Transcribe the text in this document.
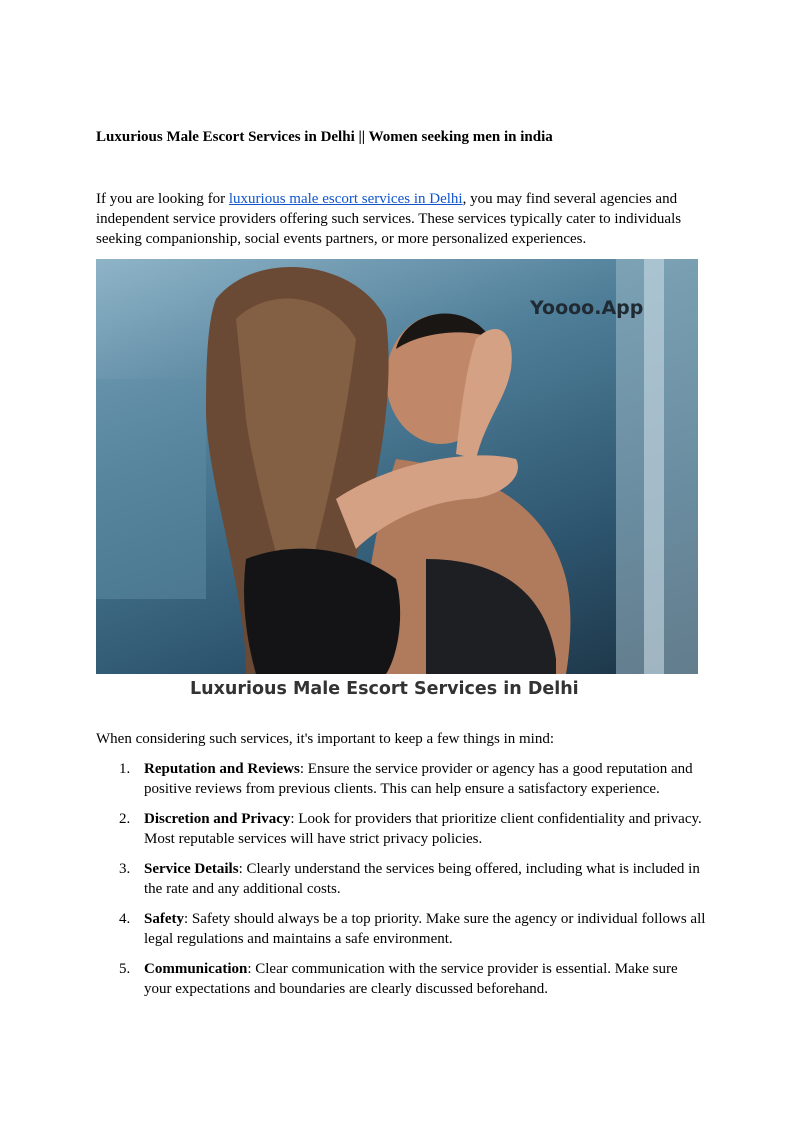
Luxurious Male Escort Services in Delhi || Women seeking men in india

If you are looking for luxurious male escort services in Delhi, you may find several agencies and independent service providers offering such services. These services typically cater to individuals seeking companionship, social events partners, or more personalized experiences.

Yoooo.App

Luxurious Male Escort Services in Delhi

When considering such services, it's important to keep a few things in mind:

1. Reputation and Reviews: Ensure the service provider or agency has a good reputation and positive reviews from previous clients. This can help ensure a satisfactory experience.
2. Discretion and Privacy: Look for providers that prioritize client confidentiality and privacy. Most reputable services will have strict privacy policies.
3. Service Details: Clearly understand the services being offered, including what is included in the rate and any additional costs.
4. Safety: Safety should always be a top priority. Make sure the agency or individual follows all legal regulations and maintains a safe environment.
5. Communication: Clear communication with the service provider is essential. Make sure your expectations and boundaries are clearly discussed beforehand.
